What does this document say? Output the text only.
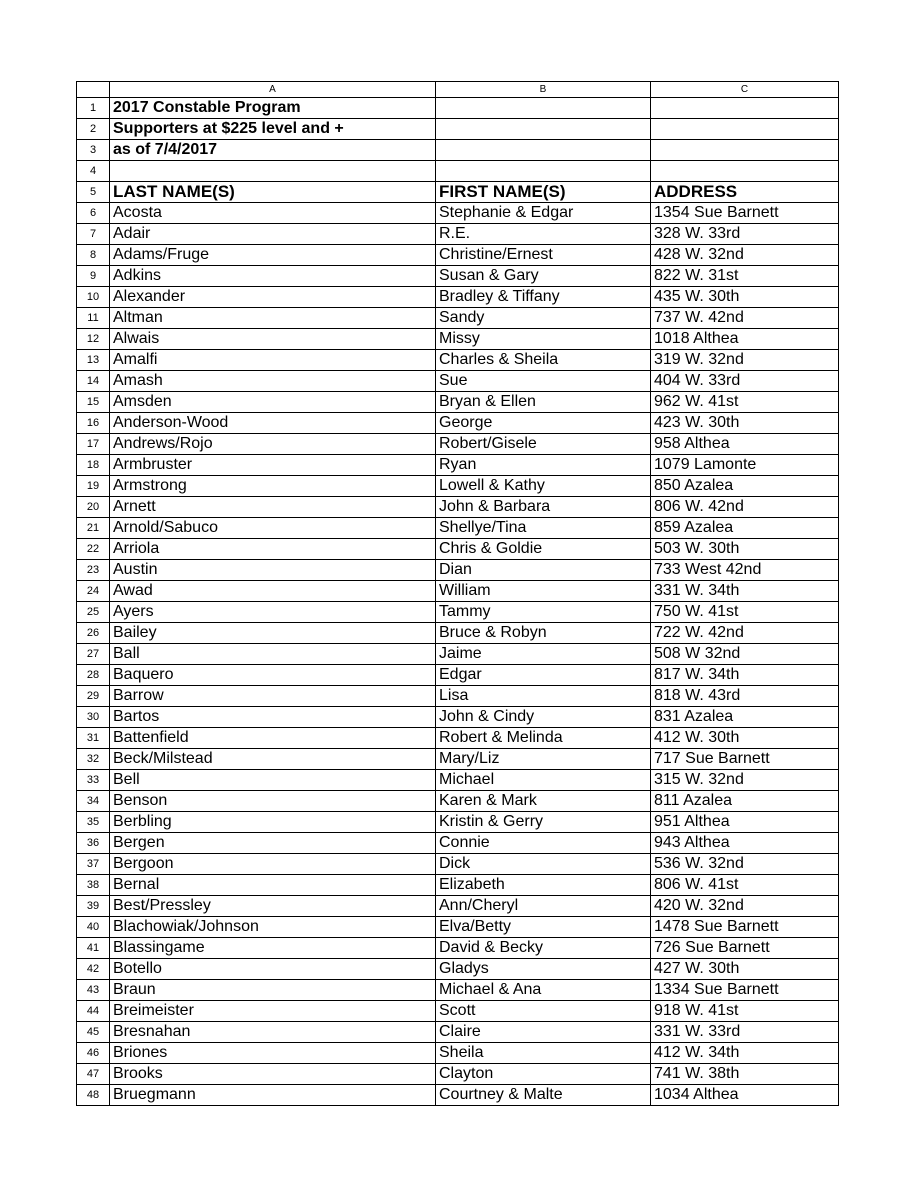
	A	B	C
1	2017 Constable Program		
2	Supporters at $225 level and +		
3	as of 7/4/2017		
4			
5	LAST NAME(S)	FIRST NAME(S)	ADDRESS
6	Acosta	Stephanie & Edgar	1354 Sue Barnett
7	Adair	R.E.	328 W. 33rd
8	Adams/Fruge	Christine/Ernest	428 W. 32nd
9	Adkins	Susan & Gary	822 W. 31st
10	Alexander	Bradley & Tiffany	435 W. 30th
11	Altman	Sandy	737 W. 42nd
12	Alwais	Missy	1018 Althea
13	Amalfi	Charles & Sheila	319 W. 32nd
14	Amash	Sue	404 W. 33rd
15	Amsden	Bryan & Ellen	962 W. 41st
16	Anderson-Wood	George	423 W. 30th
17	Andrews/Rojo	Robert/Gisele	958 Althea
18	Armbruster	Ryan	1079 Lamonte
19	Armstrong	Lowell & Kathy	850 Azalea
20	Arnett	John & Barbara	806 W. 42nd
21	Arnold/Sabuco	Shellye/Tina	859 Azalea
22	Arriola	Chris & Goldie	503 W. 30th
23	Austin	Dian	733 West 42nd
24	Awad	William	331 W. 34th
25	Ayers	Tammy	750 W. 41st
26	Bailey	Bruce & Robyn	722 W. 42nd
27	Ball	Jaime	508 W 32nd
28	Baquero	Edgar	817 W. 34th
29	Barrow	Lisa	818 W. 43rd
30	Bartos	John & Cindy	831 Azalea
31	Battenfield	Robert & Melinda	412 W. 30th
32	Beck/Milstead	Mary/Liz	717 Sue Barnett
33	Bell	Michael	315 W. 32nd
34	Benson	Karen & Mark	811 Azalea
35	Berbling	Kristin & Gerry	951 Althea
36	Bergen	Connie	943 Althea
37	Bergoon	Dick	536 W. 32nd
38	Bernal	Elizabeth	806 W. 41st
39	Best/Pressley	Ann/Cheryl	420 W. 32nd
40	Blachowiak/Johnson	Elva/Betty	1478 Sue Barnett
41	Blassingame	David & Becky	726 Sue Barnett
42	Botello	Gladys	427 W. 30th
43	Braun	Michael & Ana	1334 Sue Barnett
44	Breimeister	Scott	918 W. 41st
45	Bresnahan	Claire	331 W. 33rd
46	Briones	Sheila	412 W. 34th
47	Brooks	Clayton	741 W. 38th
48	Bruegmann	Courtney & Malte	1034 Althea
